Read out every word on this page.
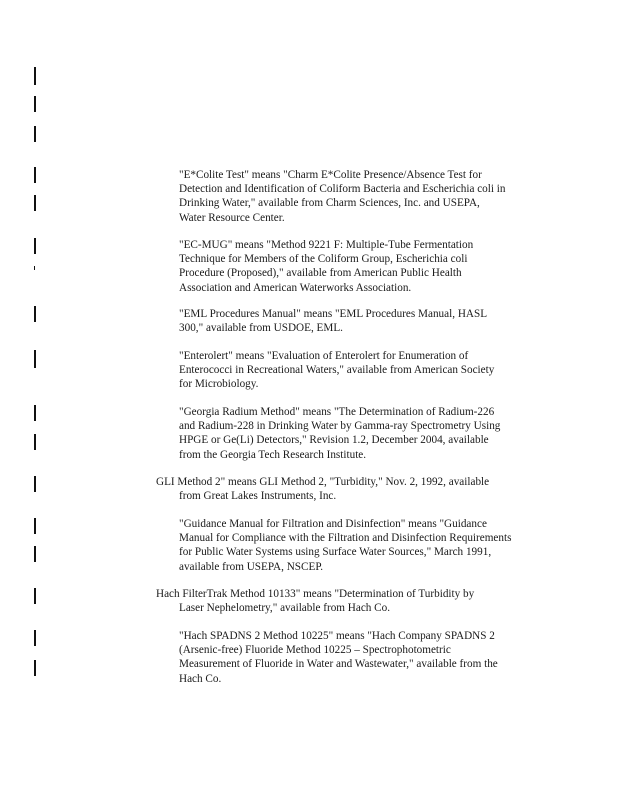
"E*Colite Test" means "Charm E*Colite Presence/Absence Test for
Detection and Identification of Coliform Bacteria and Escherichia coli in
Drinking Water," available from Charm Sciences, Inc. and USEPA,
Water Resource Center.

"EC-MUG" means "Method 9221 F: Multiple-Tube Fermentation
Technique for Members of the Coliform Group, Escherichia coli
Procedure (Proposed)," available from American Public Health
Association and American Waterworks Association.

"EML Procedures Manual" means "EML Procedures Manual, HASL
300," available from USDOE, EML.

"Enterolert" means "Evaluation of Enterolert for Enumeration of
Enterococci in Recreational Waters," available from American Society
for Microbiology.

"Georgia Radium Method" means "The Determination of Radium-226
and Radium-228 in Drinking Water by Gamma-ray Spectrometry Using
HPGE or Ge(Li) Detectors," Revision 1.2, December 2004, available
from the Georgia Tech Research Institute.

GLI Method 2" means GLI Method 2, "Turbidity," Nov. 2, 1992, available
from Great Lakes Instruments, Inc.

"Guidance Manual for Filtration and Disinfection" means "Guidance
Manual for Compliance with the Filtration and Disinfection Requirements
for Public Water Systems using Surface Water Sources," March 1991,
available from USEPA, NSCEP.

Hach FilterTrak Method 10133" means "Determination of Turbidity by
Laser Nephelometry," available from Hach Co.

"Hach SPADNS 2 Method 10225" means "Hach Company SPADNS 2
(Arsenic-free) Fluoride Method 10225 – Spectrophotometric
Measurement of Fluoride in Water and Wastewater," available from the
Hach Co.
